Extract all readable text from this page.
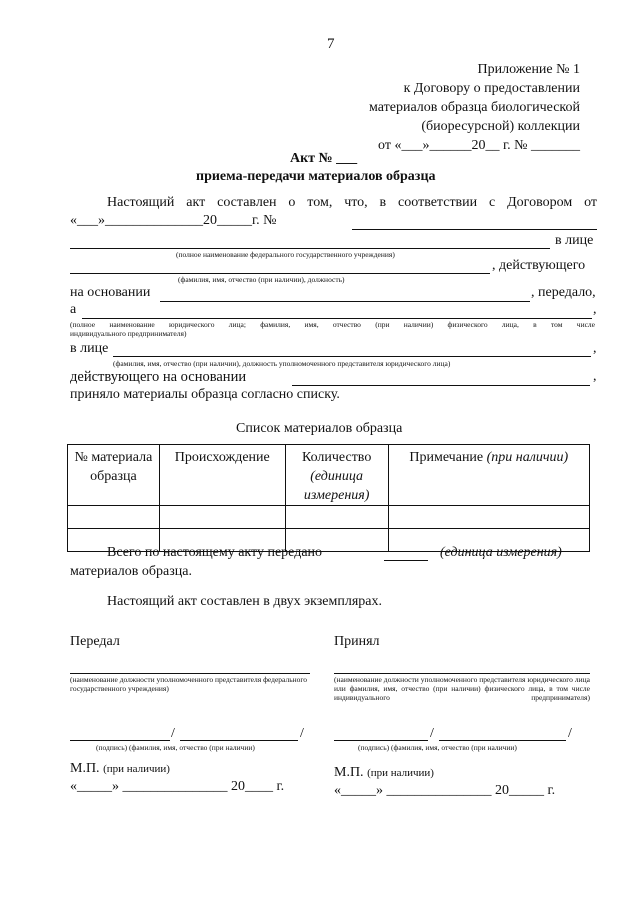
7
Приложение № 1
к Договору о предоставлении
материалов образца биологической
(биоресурсной) коллекции
от «___»______20__ г. № _______
Акт № ___
приема-передачи материалов образца
Настоящий акт составлен о том, что, в соответствии с Договором от
«___»______________20_____г. №
в лице
(полное наименование федерального государственного учреждения)
, действующего
(фамилия, имя, отчество (при наличии), должность)
на основании	, передало,
а	,
(полное наименование юридического лица; фамилия, имя, отчество (при наличии) физического лица, в том числе
индивидуального предпринимателя)
в лице	,
(фамилия, имя, отчество (при наличии), должность уполномоченного представителя юридического лица)
действующего на основании	,
приняло материалы образца согласно списку.
Список материалов образца
№ материала
образца	Происхождение	Количество
(единица
измерения)	Примечание (при наличии)

Всего по настоящему акту передано	(единица измерения)
материалов образца.
Настоящий акт составлен в двух экземплярах.
Передал
(наименование должности уполномоченного представителя федерального государственного учреждения)
/	/
(подпись) (фамилия, имя, отчество (при наличии)
М.П. (при наличии)
«_____» _______________ 20____ г.
Принял
(наименование должности уполномоченного представителя юридического лица или фамилия, имя, отчество (при наличии) физического лица, в том числе индивидуального предпринимателя)
/	/
(подпись) (фамилия, имя, отчество (при наличии)
М.П. (при наличии)
«_____» _______________ 20_____ г.
